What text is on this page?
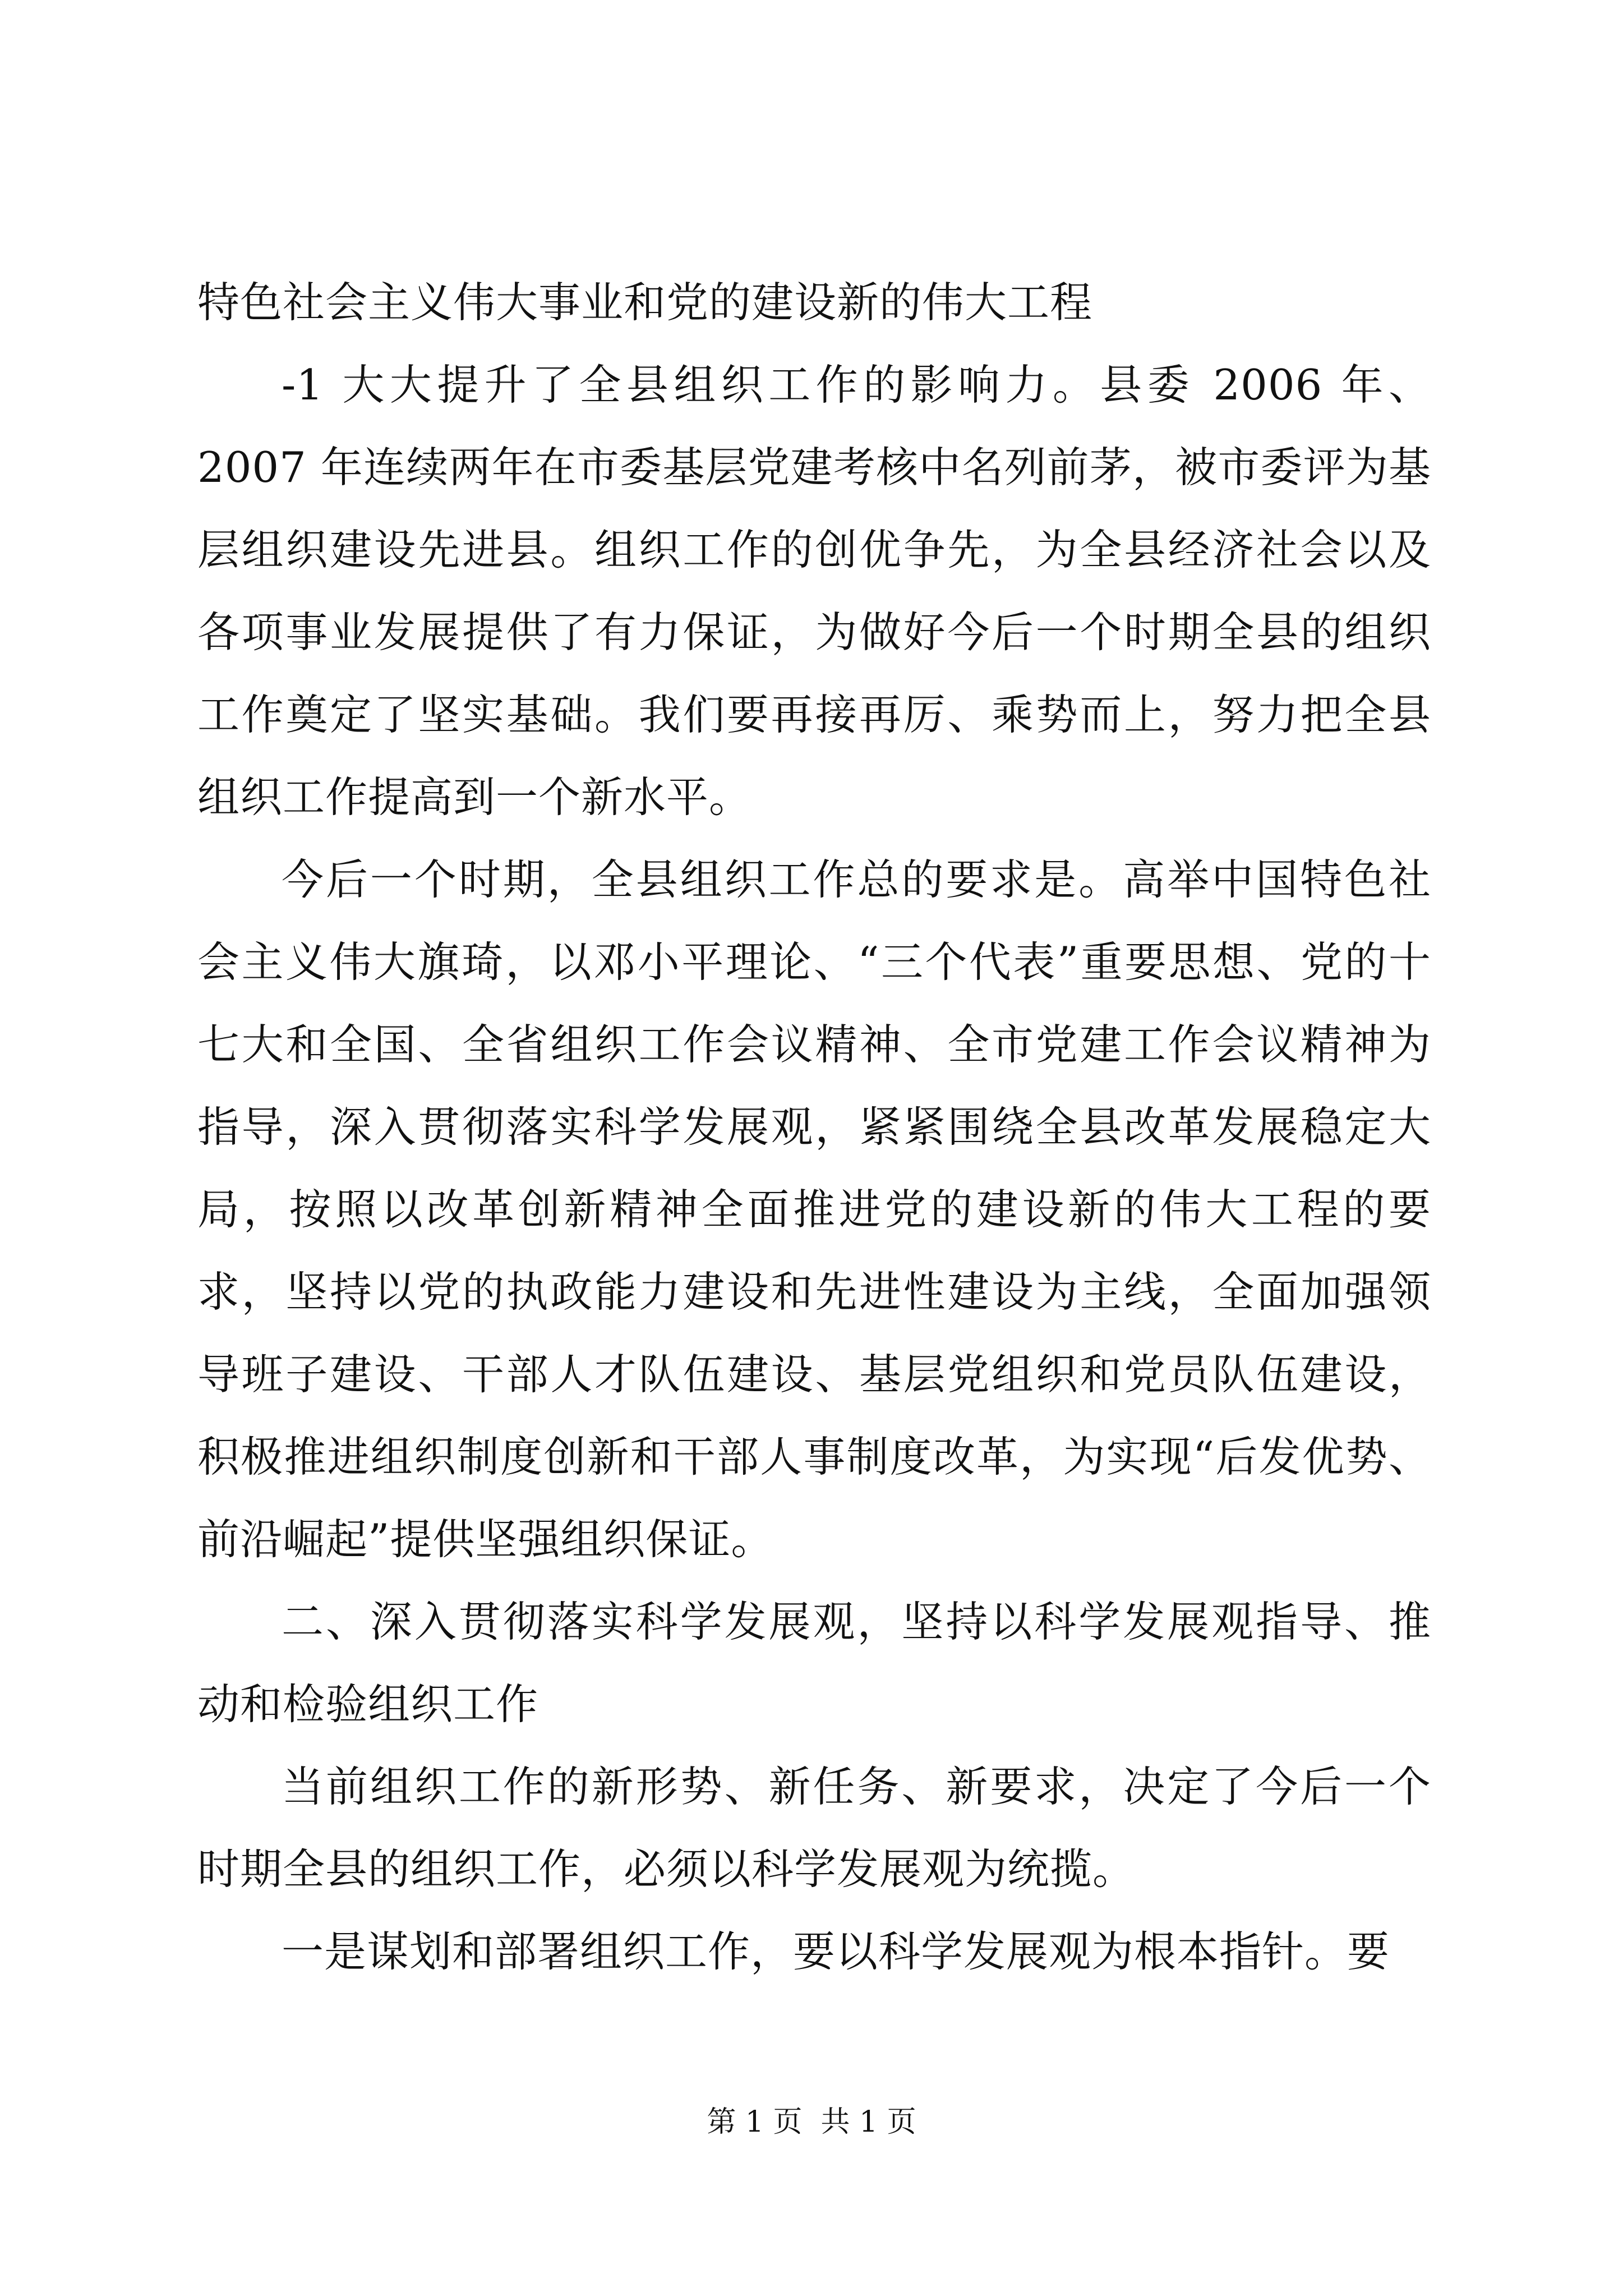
特色社会主义伟大事业和党的建设新的伟大工程

-1 大大提升了全县组织工作的影响力。县委 2006 年、2007 年连续两年在市委基层党建考核中名列前茅，被市委评为基层组织建设先进县。组织工作的创优争先，为全县经济社会以及各项事业发展提供了有力保证，为做好今后一个时期全县的组织工作奠定了坚实基础。我们要再接再厉、乘势而上，努力把全县组织工作提高到一个新水平。

今后一个时期，全县组织工作总的要求是。高举中国特色社会主义伟大旗琦，以邓小平理论、“三个代表”重要思想、党的十七大和全国、全省组织工作会议精神、全市党建工作会议精神为指导，深入贯彻落实科学发展观，紧紧围绕全县改革发展稳定大局，按照以改革创新精神全面推进党的建设新的伟大工程的要求，坚持以党的执政能力建设和先进性建设为主线，全面加强领导班子建设、干部人才队伍建设、基层党组织和党员队伍建设，积极推进组织制度创新和干部人事制度改革，为实现“后发优势、前沿崛起”提供坚强组织保证。

二、深入贯彻落实科学发展观，坚持以科学发展观指导、推动和检验组织工作

当前组织工作的新形势、新任务、新要求，决定了今后一个时期全县的组织工作，必须以科学发展观为统揽。

一是谋划和部署组织工作，要以科学发展观为根本指针。要

第 1 页  共 1 页
